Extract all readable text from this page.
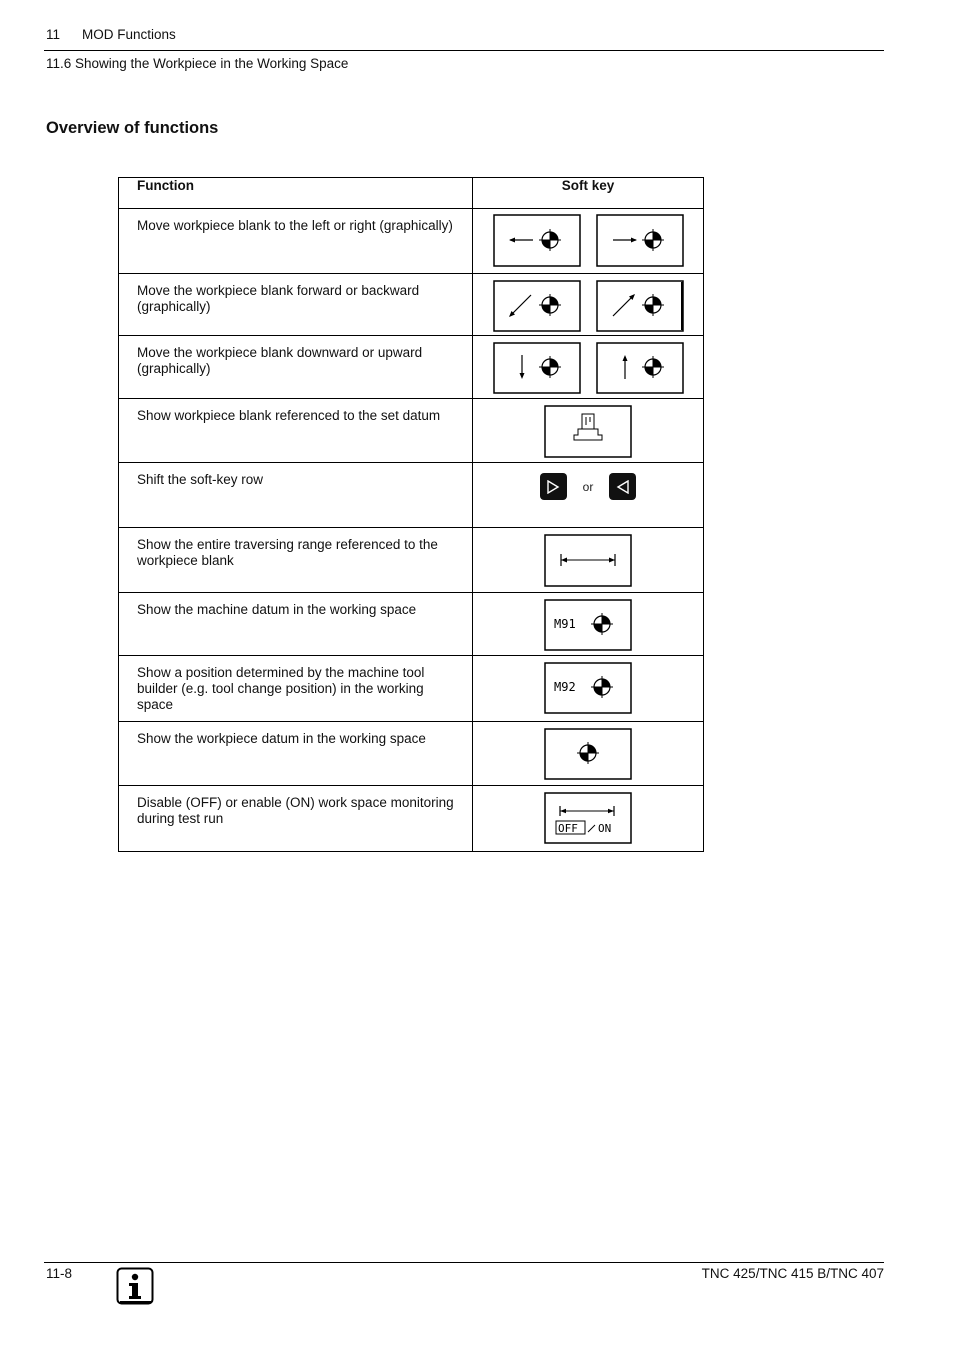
11 MOD Functions
11.6 Showing the Workpiece in the Working Space
Overview of functions
Function	Soft key
Move workpiece blank to the left or right (graphically)	

Move the workpiece blank forward or backward (graphically)	

Move the workpiece blank downward or upward (graphically)	

Show workpiece blank referenced to the set datum	

Shift the soft-key row	or

Show the entire traversing range referenced to the workpiece blank	

Show the machine datum in the working space	M91

Show a position determined by the machine tool builder (e.g. tool change position) in the working space	M92

Show the workpiece datum in the working space	

Disable (OFF) or enable (ON) work space monitoring during test run	OFF ON
11-8	TNC 425/TNC 415 B/TNC 407
